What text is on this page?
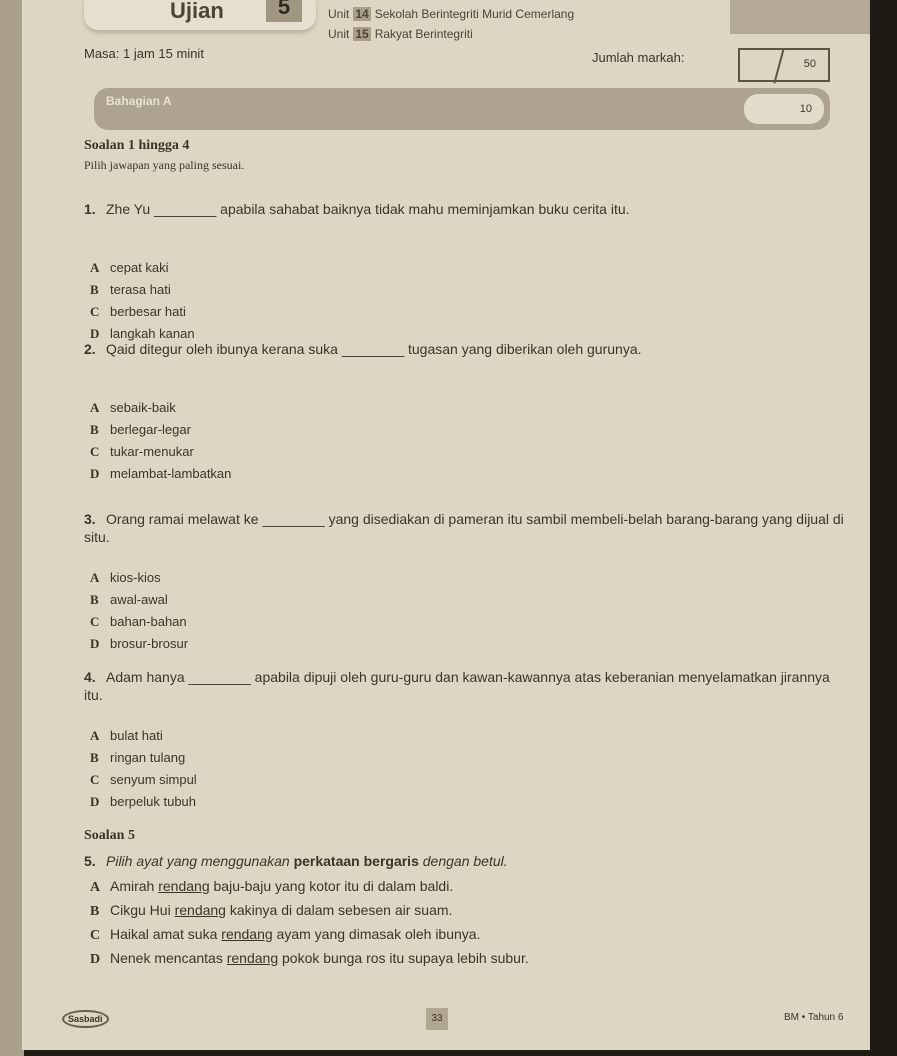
Ujian	5	Unit 14 Sekolah Berintegriti Murid Cemerlang
Unit 15 Rakyat Berintegriti
Masa: 1 jam 15 minit	Jumlah markah:	50
Bahagian A
10
Soalan 1 hingga 4
Pilih jawapan yang paling sesuai.
1. Zhe Yu ________ apabila sahabat baiknya tidak mahu meminjamkan buku cerita itu.
A cepat kaki
B terasa hati
C berbesar hati
D langkah kanan
2. Qaid ditegur oleh ibunya kerana suka ________ tugasan yang diberikan oleh gurunya.
A sebaik-baik
B berlegar-legar
C tukar-menukar
D melambat-lambatkan
3. Orang ramai melawat ke ________ yang disediakan di pameran itu sambil membeli-belah barang-barang yang dijual di situ.
A kios-kios
B awal-awal
C bahan-bahan
D brosur-brosur
4. Adam hanya ________ apabila dipuji oleh guru-guru dan kawan-kawannya atas keberanian menyelamatkan jirannya itu.
A bulat hati
B ringan tulang
C senyum simpul
D berpeluk tubuh
Soalan 5
5. Pilih ayat yang menggunakan perkataan bergaris dengan betul.
A Amirah rendang baju-baju yang kotor itu di dalam baldi.
B Cikgu Hui rendang kakinya di dalam sebesen air suam.
C Haikal amat suka rendang ayam yang dimasak oleh ibunya.
D Nenek mencantas rendang pokok bunga ros itu supaya lebih subur.
Sasbadi	33	BM • Tahun 6
